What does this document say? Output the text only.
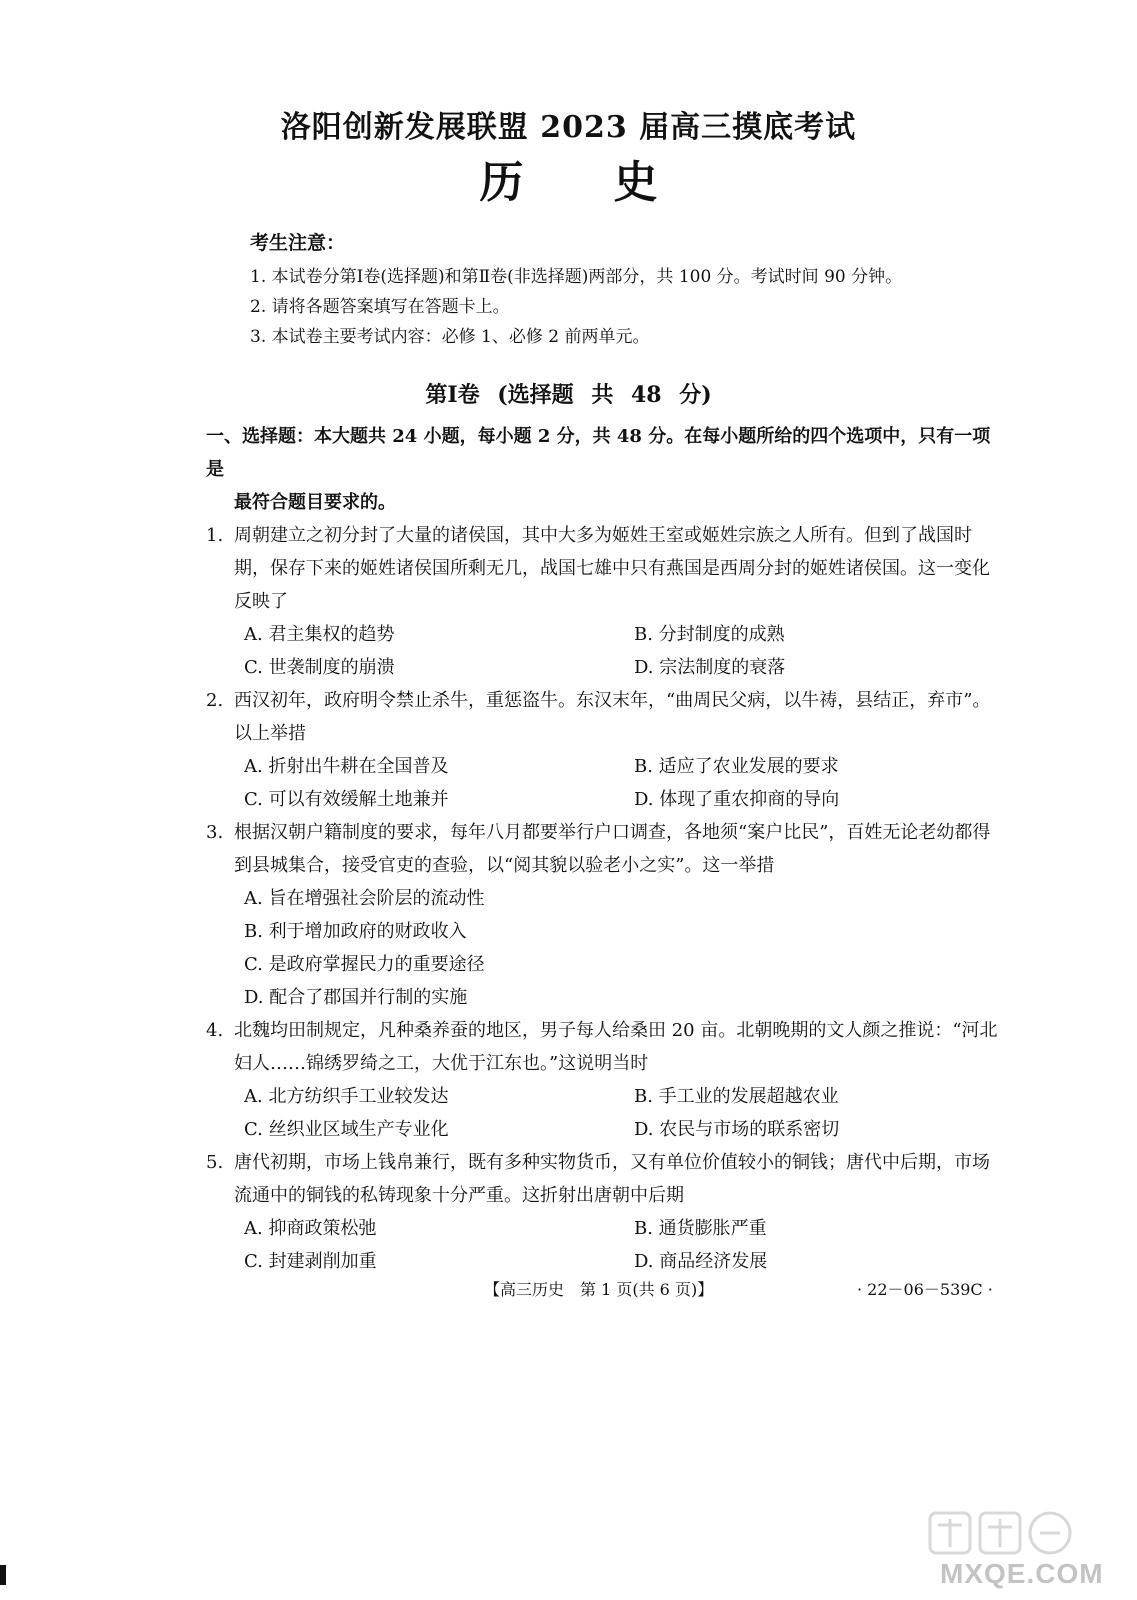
洛阳创新发展联盟 2023 届高三摸底考试
历史
考生注意：
1. 本试卷分第Ⅰ卷(选择题)和第Ⅱ卷(非选择题)两部分，共 100 分。考试时间 90 分钟。
2. 请将各题答案填写在答题卡上。
3. 本试卷主要考试内容：必修 1、必修 2 前两单元。
第Ⅰ卷 (选择题 共 48 分)
一、选择题：本大题共 24 小题，每小题 2 分，共 48 分。在每小题所给的四个选项中，只有一项是
最符合题目要求的。
1. 周朝建立之初分封了大量的诸侯国，其中大多为姬姓王室或姬姓宗族之人所有。但到了战国时期，保存下来的姬姓诸侯国所剩无几，战国七雄中只有燕国是西周分封的姬姓诸侯国。这一变化反映了
A. 君主集权的趋势	B. 分封制度的成熟
C. 世袭制度的崩溃	D. 宗法制度的衰落
2. 西汉初年，政府明令禁止杀牛，重惩盗牛。东汉末年，“曲周民父病，以牛祷，县结正，弃市”。以上举措
A. 折射出牛耕在全国普及	B. 适应了农业发展的要求
C. 可以有效缓解土地兼并	D. 体现了重农抑商的导向
3. 根据汉朝户籍制度的要求，每年八月都要举行户口调查，各地须“案户比民”，百姓无论老幼都得到县城集合，接受官吏的查验，以“阅其貌以验老小之实”。这一举措
A. 旨在增强社会阶层的流动性
B. 利于增加政府的财政收入
C. 是政府掌握民力的重要途径
D. 配合了郡国并行制的实施
4. 北魏均田制规定，凡种桑养蚕的地区，男子每人给桑田 20 亩。北朝晚期的文人颜之推说：“河北妇人……锦绣罗绮之工，大优于江东也。”这说明当时
A. 北方纺织手工业较发达	B. 手工业的发展超越农业
C. 丝织业区域生产专业化	D. 农民与市场的联系密切
5. 唐代初期，市场上钱帛兼行，既有多种实物货币，又有单位价值较小的铜钱；唐代中后期，市场流通中的铜钱的私铸现象十分严重。这折射出唐朝中后期
A. 抑商政策松弛	B. 通货膨胀严重
C. 封建剥削加重	D. 商品经济发展
【高三历史　第 1 页(共 6 页)】	· 22－06－539C ·
MXQE.COM
